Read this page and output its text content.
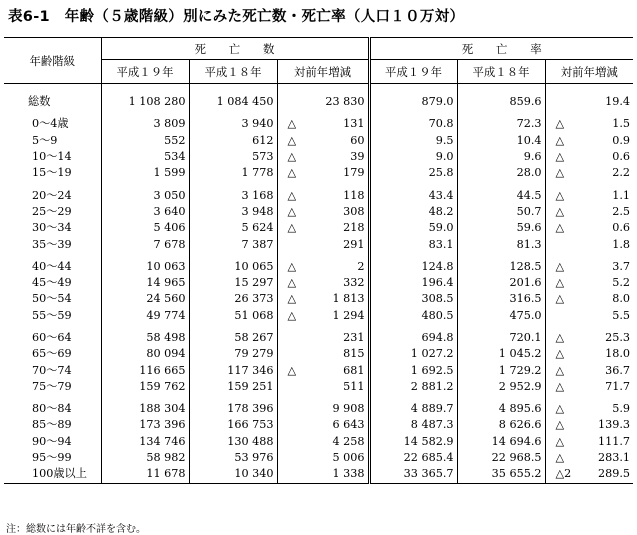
表6-1　年齢（５歳階級）別にみた死亡数・死亡率（人口１０万対）
年齢階級	死　　亡　　数			死　　亡　　率		
	平成１９年	平成１８年	対前年増減	平成１９年	平成１８年	対前年増減

総数	1 108 280	1 084 450	23 830	879.0	859.6	19.4

0～4歳	3 809	3 940	△ 131	70.8	72.3	△ 1.5
5～9	552	612	△ 60	9.5	10.4	△ 0.9
10～14	534	573	△ 39	9.0	9.6	△ 0.6
15～19	1 599	1 778	△ 179	25.8	28.0	△ 2.2

20～24	3 050	3 168	△ 118	43.4	44.5	△ 1.1
25～29	3 640	3 948	△ 308	48.2	50.7	△ 2.5
30～34	5 406	5 624	△ 218	59.0	59.6	△ 0.6
35～39	7 678	7 387	291	83.1	81.3	1.8

40～44	10 063	10 065	△ 2	124.8	128.5	△ 3.7
45～49	14 965	15 297	△ 332	196.4	201.6	△ 5.2
50～54	24 560	26 373	△ 1 813	308.5	316.5	△ 8.0
55～59	49 774	51 068	△ 1 294	480.5	475.0	5.5

60～64	58 498	58 267	231	694.8	720.1	△ 25.3
65～69	80 094	79 279	815	1 027.2	1 045.2	△ 18.0
70～74	116 665	117 346	△ 681	1 692.5	1 729.2	△ 36.7
75～79	159 762	159 251	511	2 881.2	2 952.9	△ 71.7

80～84	188 304	178 396	9 908	4 889.7	4 895.6	△ 5.9
85～89	173 396	166 753	6 643	8 487.3	8 626.6	△ 139.3
90～94	134 746	130 488	4 258	14 582.9	14 694.6	△ 111.7
95～99	58 982	53 976	5 006	22 685.4	22 968.5	△ 283.1
100歳以上	11 678	10 340	1 338	33 365.7	35 655.2	△2 289.5
注：総数には年齢不詳を含む。
